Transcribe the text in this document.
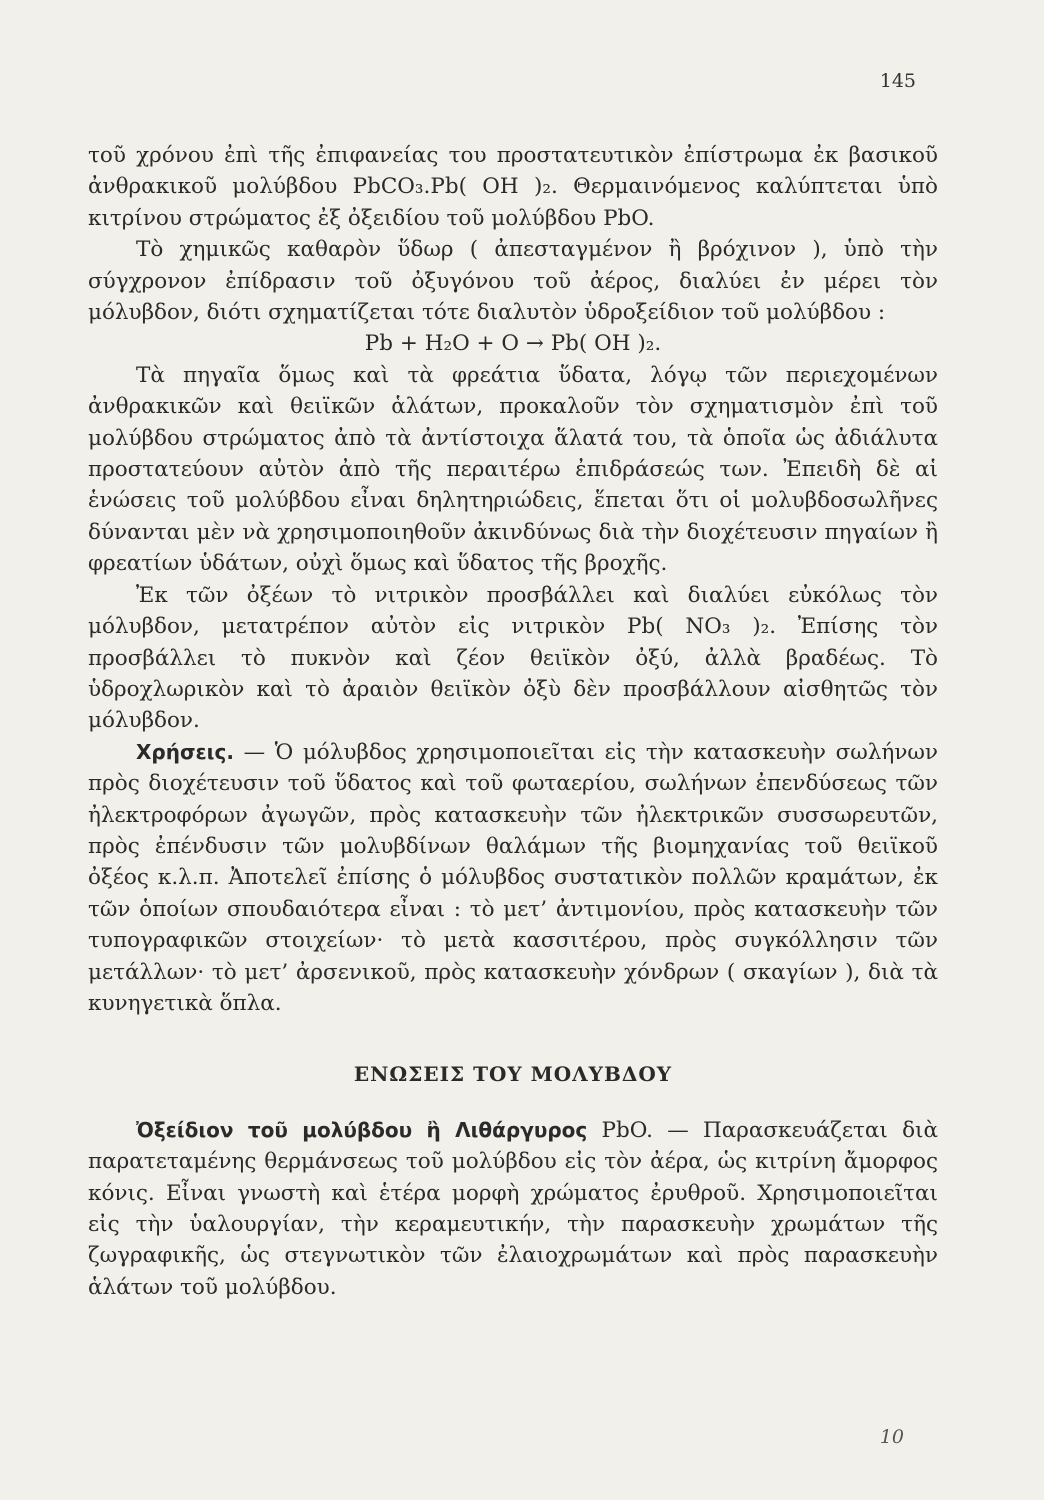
145

τοῦ χρόνου ἐπὶ τῆς ἐπιφανείας του προστατευτικὸν ἐπίστρωμα ἐκ βασικοῦ ἀνθρακικοῦ μολύβδου PbCO₃.Pb( OH )₂. Θερμαινόμενος καλύπτεται ὑπὸ κιτρίνου στρώματος ἐξ ὀξειδίου τοῦ μολύβδου PbO.

Τὸ χημικῶς καθαρὸν ὕδωρ ( ἀπεσταγμένον ἢ βρόχινον ), ὑπὸ τὴν σύγχρονον ἐπίδρασιν τοῦ ὀξυγόνου τοῦ ἀέρος, διαλύει ἐν μέρει τὸν μόλυβδον, διότι σχηματίζεται τότε διαλυτὸν ὑδροξείδιον τοῦ μολύβδου :

Pb + H₂O + O → Pb( OH )₂.

Τὰ πηγαῖα ὅμως καὶ τὰ φρεάτια ὕδατα, λόγῳ τῶν περιεχομένων ἀνθρακικῶν καὶ θειϊκῶν ἁλάτων, προκαλοῦν τὸν σχηματισμὸν ἐπὶ τοῦ μολύβδου στρώματος ἀπὸ τὰ ἀντίστοιχα ἅλατά του, τὰ ὁποῖα ὡς ἀδιάλυτα προστατεύουν αὐτὸν ἀπὸ τῆς περαιτέρω ἐπιδράσεώς των. Ἐπειδὴ δὲ αἱ ἑνώσεις τοῦ μολύβδου εἶναι δηλητηριώδεις, ἕπεται ὅτι οἱ μολυβδοσωλῆνες δύνανται μὲν νὰ χρησιμοποιηθοῦν ἀκινδύνως διὰ τὴν διοχέτευσιν πηγαίων ἢ φρεατίων ὑδάτων, οὐχὶ ὅμως καὶ ὕδατος τῆς βροχῆς.

Ἐκ τῶν ὀξέων τὸ νιτρικὸν προσβάλλει καὶ διαλύει εὐκόλως τὸν μόλυβδον, μετατρέπον αὐτὸν εἰς νιτρικὸν Pb( NO₃ )₂. Ἐπίσης τὸν προσβάλλει τὸ πυκνὸν καὶ ζέον θειϊκὸν ὀξύ, ἀλλὰ βραδέως. Τὸ ὑδροχλωρικὸν καὶ τὸ ἀραιὸν θειϊκὸν ὀξὺ δὲν προσβάλλουν αἰσθητῶς τὸν μόλυβδον.

Χρήσεις. — Ὁ μόλυβδος χρησιμοποιεῖται εἰς τὴν κατασκευὴν σωλήνων πρὸς διοχέτευσιν τοῦ ὕδατος καὶ τοῦ φωταερίου, σωλήνων ἐπενδύσεως τῶν ἠλεκτροφόρων ἀγωγῶν, πρὸς κατασκευὴν τῶν ἠλεκτρικῶν συσσωρευτῶν, πρὸς ἐπένδυσιν τῶν μολυβδίνων θαλάμων τῆς βιομηχανίας τοῦ θειϊκοῦ ὀξέος κ.λ.π. Ἀποτελεῖ ἐπίσης ὁ μόλυβδος συστατικὸν πολλῶν κραμάτων, ἐκ τῶν ὁποίων σπουδαιότερα εἶναι : τὸ μετ’ ἀντιμονίου, πρὸς κατασκευὴν τῶν τυπογραφικῶν στοιχείων· τὸ μετὰ κασσιτέρου, πρὸς συγκόλλησιν τῶν μετάλλων· τὸ μετ’ ἀρσενικοῦ, πρὸς κατασκευὴν χόνδρων ( σκαγίων ), διὰ τὰ κυνηγετικὰ ὅπλα.

ΕΝΩΣΕΙΣ ΤΟΥ ΜΟΛΥΒΔΟΥ

Ὀξείδιον τοῦ μολύβδου ἢ Λιθάργυρος PbO. — Παρασκευάζεται διὰ παρατεταμένης θερμάνσεως τοῦ μολύβδου εἰς τὸν ἀέρα, ὡς κιτρίνη ἄμορφος κόνις. Εἶναι γνωστὴ καὶ ἑτέρα μορφὴ χρώματος ἐρυθροῦ. Χρησιμοποιεῖται εἰς τὴν ὑαλουργίαν, τὴν κεραμευτικήν, τὴν παρασκευὴν χρωμάτων τῆς ζωγραφικῆς, ὡς στεγνωτικὸν τῶν ἐλαιοχρωμάτων καὶ πρὸς παρασκευὴν ἁλάτων τοῦ μολύβδου.

10
